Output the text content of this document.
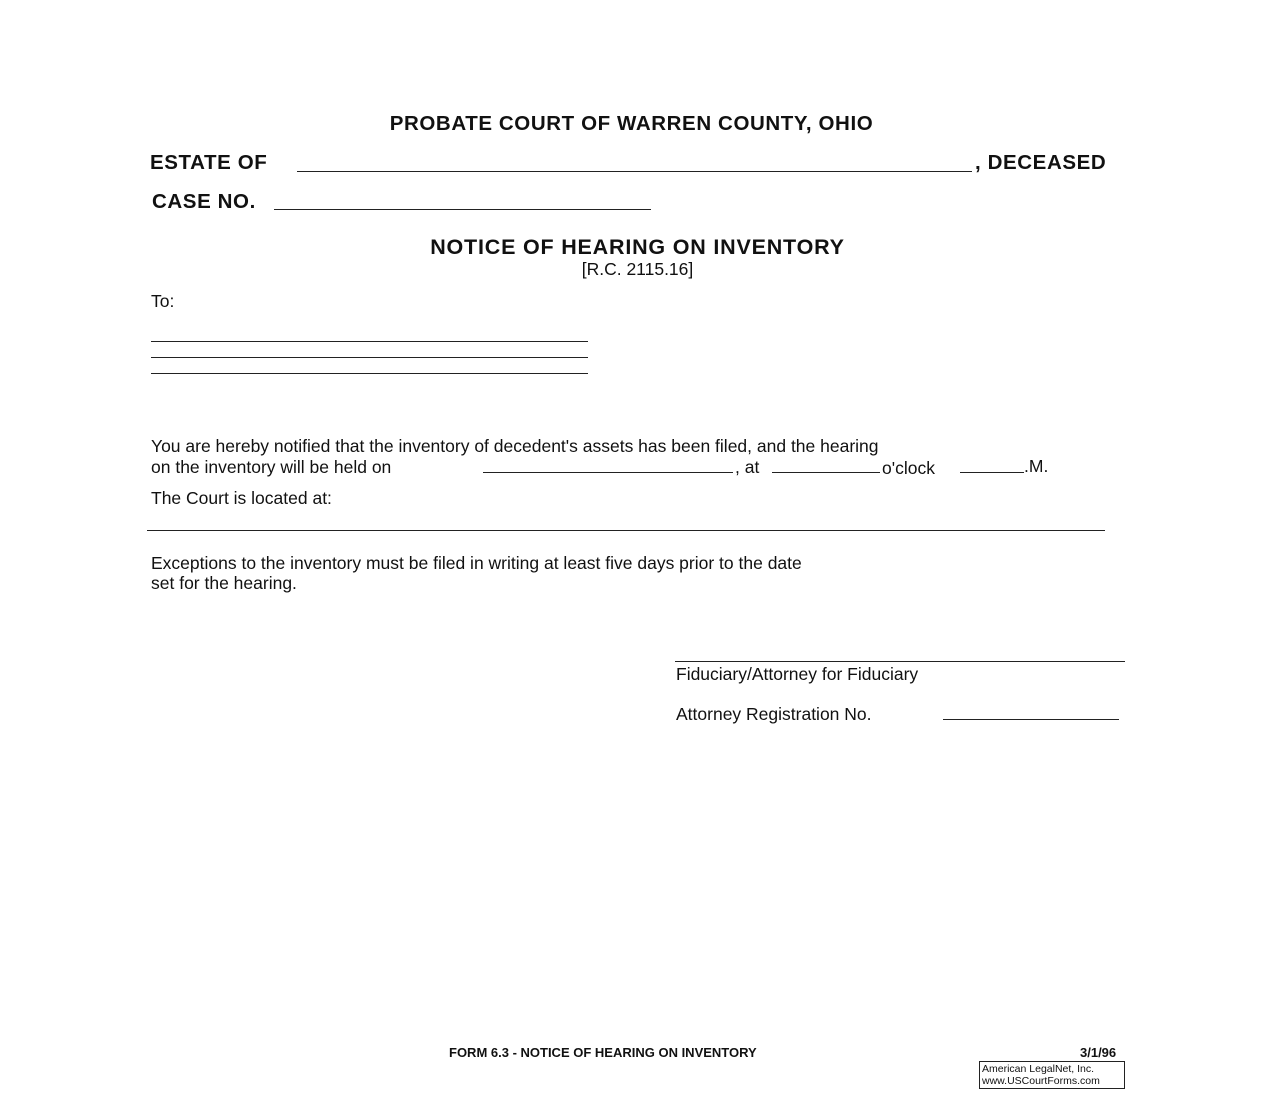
PROBATE COURT OF WARREN COUNTY, OHIO
ESTATE OF	, DECEASED
CASE NO.
NOTICE OF HEARING ON INVENTORY
[R.C. 2115.16]
To:
You are hereby notified that the inventory of decedent's assets has been filed, and the hearing
on the inventory will be held on	, at	o'clock	.M.
The Court is located at:
Exceptions to the inventory must be filed in writing at least five days prior to the date
set for the hearing.
Fiduciary/Attorney for Fiduciary
Attorney Registration No.
FORM 6.3 - NOTICE OF HEARING ON INVENTORY	3/1/96
American LegalNet, Inc.
www.USCourtForms.com
